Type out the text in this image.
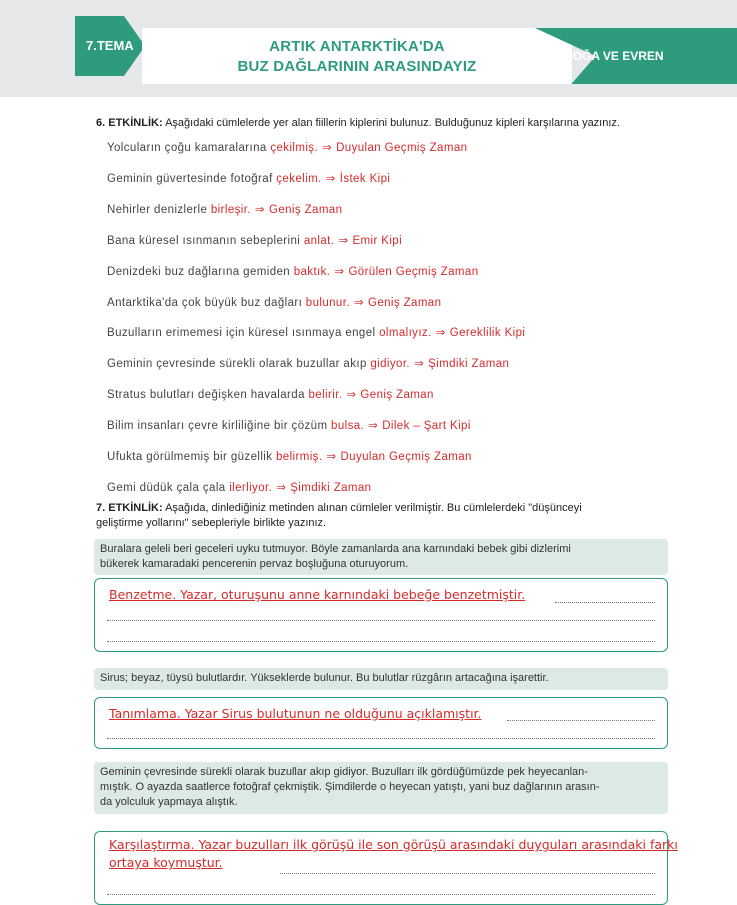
7.TEMA	ARTIK ANTARKTİKA'DA
BUZ DAĞLARININ ARASINDAYIZ
DOĞA VE EVREN
6. ETKİNLİK: Aşağıdaki cümlelerde yer alan fiillerin kiplerini bulunuz. Bulduğunuz kipleri karşılarına yazınız.
Yolcuların çoğu kamaralarına çekilmiş. ⇒ Duyulan Geçmiş Zaman
Geminin güvertesinde fotoğraf çekelim. ⇒ İstek Kipi
Nehirler denizlerle birleşir. ⇒ Geniş Zaman
Bana küresel ısınmanın sebeplerini anlat. ⇒ Emir Kipi
Denizdeki buz dağlarına gemiden baktık. ⇒ Görülen Geçmiş Zaman
Antarktika'da çok büyük buz dağları bulunur. ⇒ Geniş Zaman
Buzulların erimemesi için küresel ısınmaya engel olmalıyız. ⇒ Gereklilik Kipi
Geminin çevresinde sürekli olarak buzullar akıp gidiyor. ⇒ Şimdiki Zaman
Stratus bulutları değişken havalarda belirir. ⇒ Geniş Zaman
Bilim insanları çevre kirliliğine bir çözüm bulsa. ⇒ Dilek – Şart Kipi
Ufukta görülmemiş bir güzellik belirmiş. ⇒ Duyulan Geçmiş Zaman
Gemi düdük çala çala ilerliyor. ⇒ Şimdiki Zaman
7. ETKİNLİK: Aşağıda, dinlediğiniz metinden alınan cümleler verilmiştir. Bu cümlelerdeki "düşünceyi
geliştirme yollarını" sebepleriyle birlikte yazınız.
Buralara geleli beri geceleri uyku tutmuyor. Böyle zamanlarda ana karnındaki bebek gibi dizlerimi
bükerek kamaradaki pencerenin pervaz boşluğuna oturuyorum.
Benzetme. Yazar, oturuşunu anne karnındaki bebeğe benzetmiştir.
Sirus; beyaz, tüysü bulutlardır. Yükseklerde bulunur. Bu bulutlar rüzgârın artacağına işarettir.
Tanımlama. Yazar Sirus bulutunun ne olduğunu açıklamıştır.
Geminin çevresinde sürekli olarak buzullar akıp gidiyor. Buzulları ilk gördüğümüzde pek heyecanlan-
mıştık. O ayazda saatlerce fotoğraf çekmiştik. Şimdilerde o heyecan yatıştı, yani buz dağlarının arasın-
da yolculuk yapmaya alıştık.
Karşılaştırma. Yazar buzulları ilk görüşü ile son görüşü arasındaki duyguları arasındaki farkı ortaya koymuştur.
